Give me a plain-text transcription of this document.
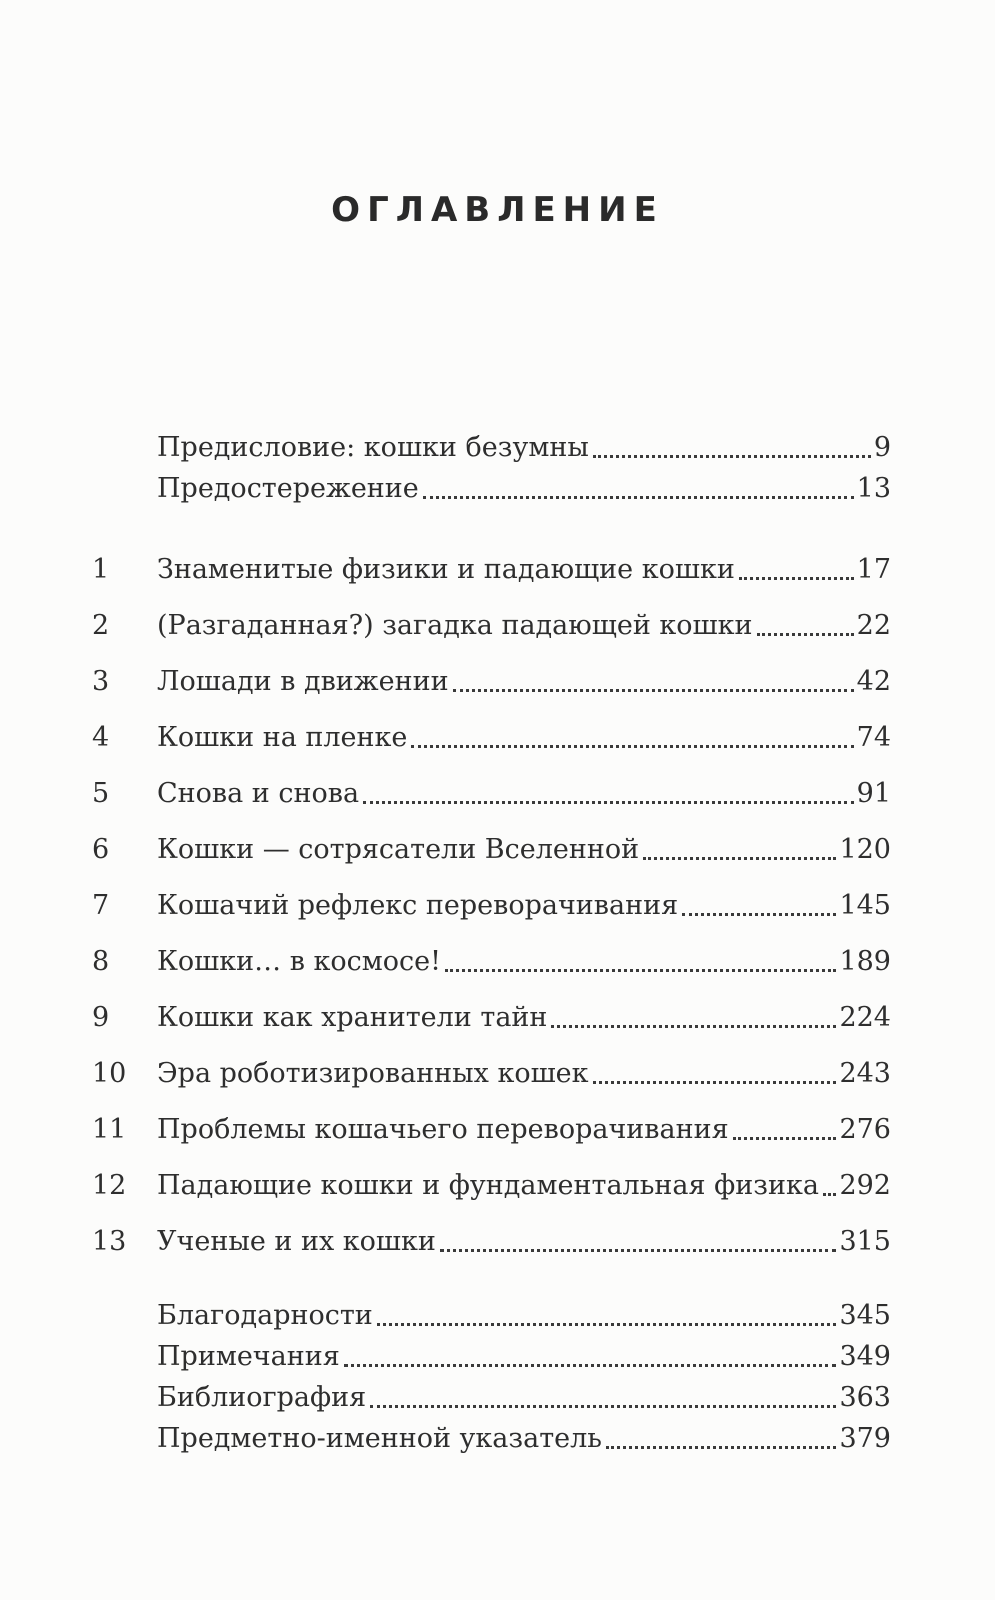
ОГЛАВЛЕНИЕ
Предисловие: кошки безумны	9
Предостережение	13
1	Знаменитые физики и падающие кошки	17
2	(Разгаданная?) загадка падающей кошки	22
3	Лошади в движении	42
4	Кошки на пленке	74
5	Снова и снова	91
6	Кошки — сотрясатели Вселенной	120
7	Кошачий рефлекс переворачивания	145
8	Кошки… в космосе!	189
9	Кошки как хранители тайн	224
10	Эра роботизированных кошек	243
11	Проблемы кошачьего переворачивания	276
12	Падающие кошки и фундаментальная физика 292
13	Ученые и их кошки	315
Благодарности	345
Примечания	349
Библиография	363
Предметно-именной указатель	379
